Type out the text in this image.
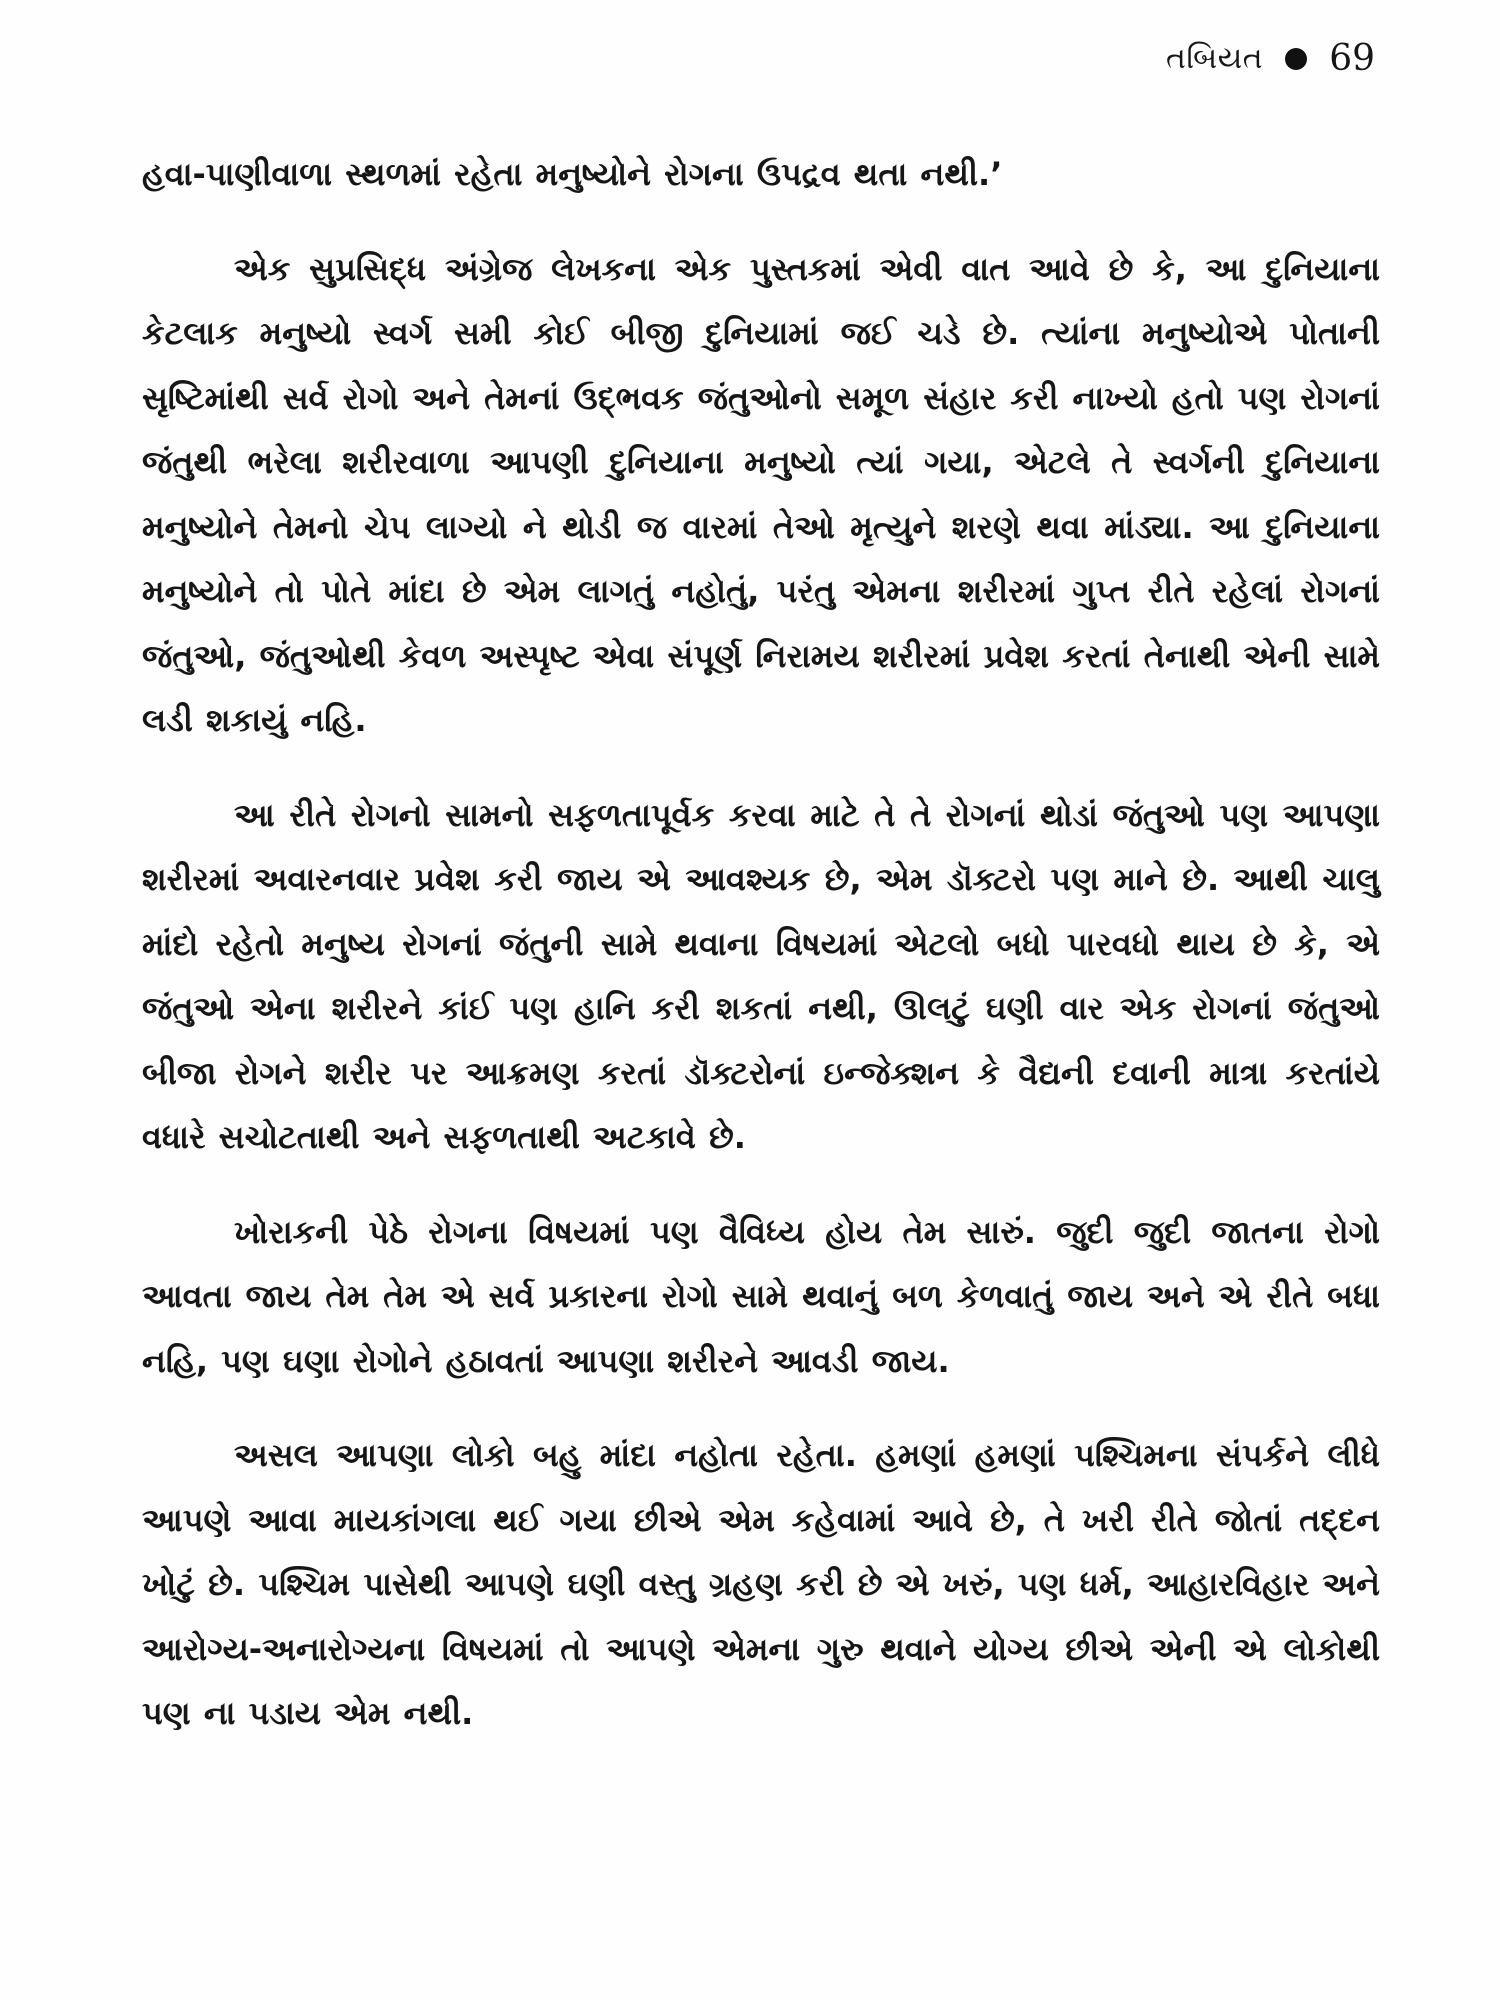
તબિયત 69

હવા-પાણીવાળા સ્થળમાં રહેતા મનુષ્યોને રોગના ઉપદ્રવ થતા નથી.’

એક સુપ્રસિદ્ધ અંગ્રેજ લેખકના એક પુસ્તકમાં એવી વાત આવે છે કે, આ દુનિયાના કેટલાક મનુષ્યો સ્વર્ગ સમી કોઈ બીજી દુનિયામાં જઈ ચડે છે. ત્યાંના મનુષ્યોએ પોતાની સૃષ્ટિમાંથી સર્વ રોગો અને તેમનાં ઉદ્ભવક જંતુઓનો સમૂળ સંહાર કરી નાખ્યો હતો પણ રોગનાં જંતુથી ભરેલા શરીરવાળા આપણી દુનિયાના મનુષ્યો ત્યાં ગયા, એટલે તે સ્વર્ગની દુનિયાના મનુષ્યોને તેમનો ચેપ લાગ્યો ને થોડી જ વારમાં તેઓ મૃત્યુને શરણે થવા માંડ્યા. આ દુનિયાના મનુષ્યોને તો પોતે માંદા છે એમ લાગતું નહોતું, પરંતુ એમના શરીરમાં ગુપ્ત રીતે રહેલાં રોગનાં જંતુઓ, જંતુઓથી કેવળ અસ્પૃષ્ટ એવા સંપૂર્ણ નિરામય શરીરમાં પ્રવેશ કરતાં તેનાથી એની સામે લડી શકાયું નહિ.

આ રીતે રોગનો સામનો સફળતાપૂર્વક કરવા માટે તે તે રોગનાં થોડાં જંતુઓ પણ આપણા શરીરમાં અવારનવાર પ્રવેશ કરી જાય એ આવશ્યક છે, એમ ડૉક્ટરો પણ માને છે. આથી ચાલુ માંદો રહેતો મનુષ્ય રોગનાં જંતુની સામે થવાના વિષયમાં એટલો બધો પારવધો થાય છે કે, એ જંતુઓ એના શરીરને કાંઈ પણ હાનિ કરી શકતાં નથી, ઊલટું ઘણી વાર એક રોગનાં જંતુઓ બીજા રોગને શરીર પર આક્રમણ કરતાં ડૉક્ટરોનાં ઇન્જેક્શન કે વૈદ્યની દવાની માત્રા કરતાંયે વધારે સચોટતાથી અને સફળતાથી અટકાવે છે.

ખોરાકની પેઠે રોગના વિષયમાં પણ વૈવિધ્ય હોય તેમ સારું. જુદી જુદી જાતના રોગો આવતા જાય તેમ તેમ એ સર્વ પ્રકારના રોગો સામે થવાનું બળ કેળવાતું જાય અને એ રીતે બધા નહિ, પણ ઘણા રોગોને હઠાવતાં આપણા શરીરને આવડી જાય.

અસલ આપણા લોકો બહુ માંદા નહોતા રહેતા. હમણાં હમણાં પશ્ચિમના સંપર્કને લીધે આપણે આવા માયકાંગલા થઈ ગયા છીએ એમ કહેવામાં આવે છે, તે ખરી રીતે જોતાં તદ્દન ખોટું છે. પશ્ચિમ પાસેથી આપણે ઘણી વસ્તુ ગ્રહણ કરી છે એ ખરું, પણ ધર્મ, આહારવિહાર અને આરોગ્ય-અનારોગ્યના વિષયમાં તો આપણે એમના ગુરુ થવાને યોગ્ય છીએ એની એ લોકોથી પણ ના પડાય એમ નથી.
